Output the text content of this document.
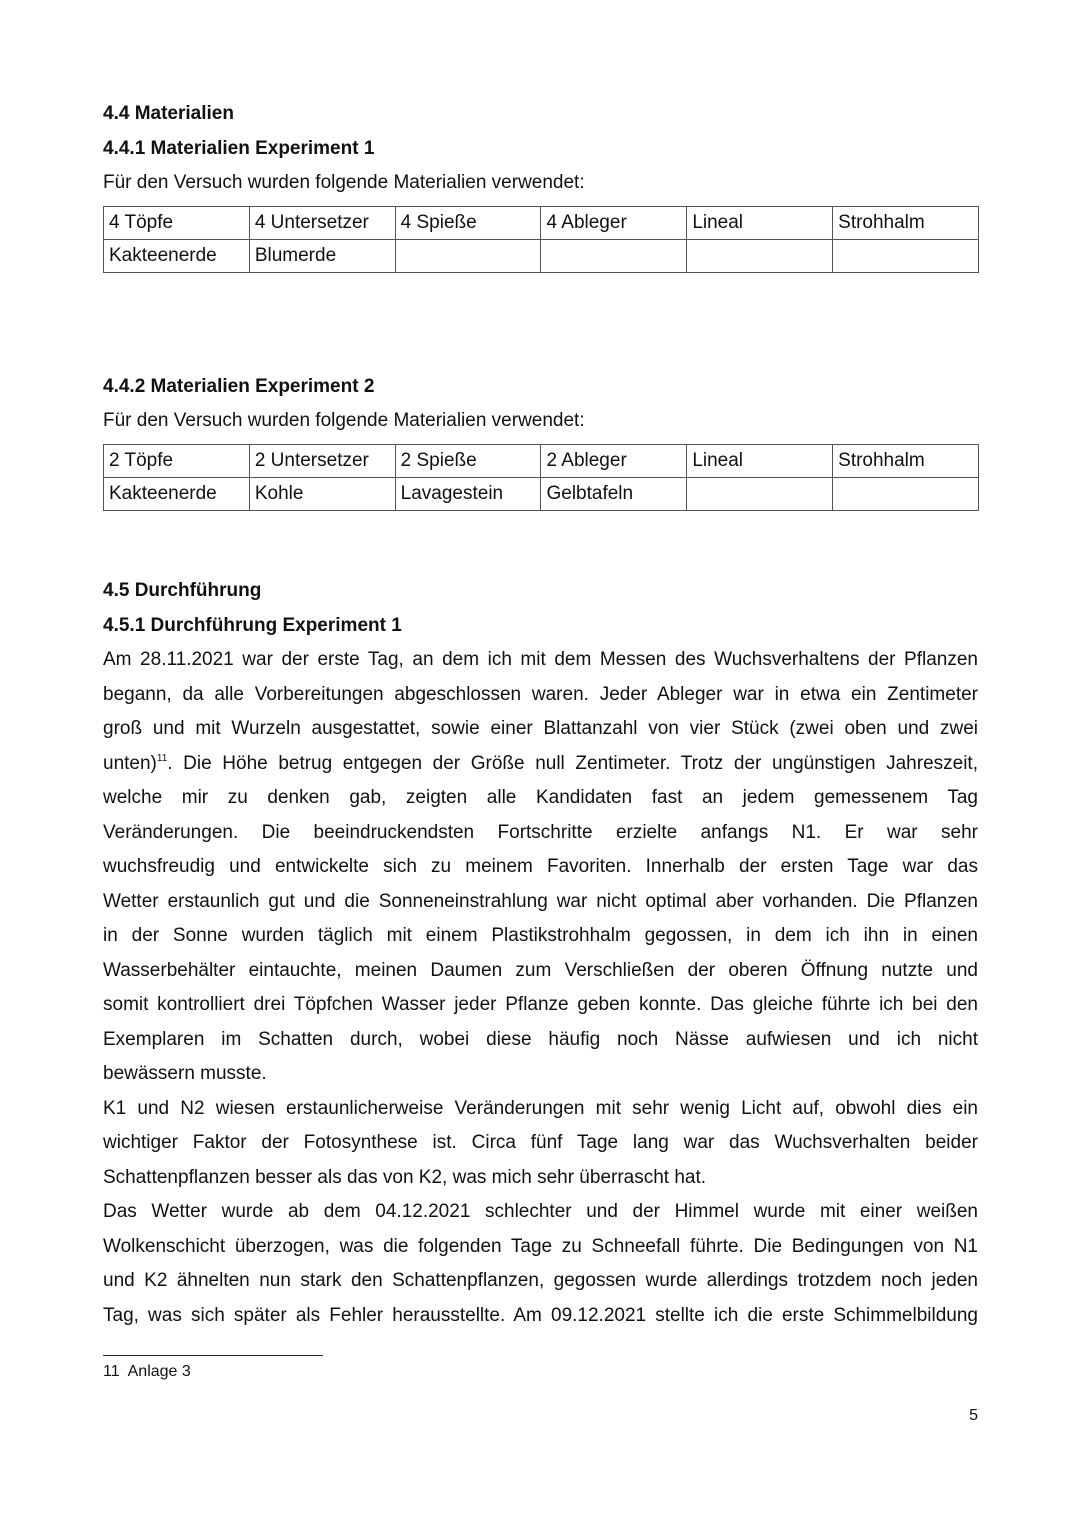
4.4 Materialien
4.4.1 Materialien Experiment 1
Für den Versuch wurden folgende Materialien verwendet:
4 Töpfe	4 Untersetzer	4 Spieße	4 Ableger	Lineal	Strohhalm
Kakteenerde	Blumerde				
4.4.2 Materialien Experiment 2
Für den Versuch wurden folgende Materialien verwendet:
2 Töpfe	2 Untersetzer	2 Spieße	2 Ableger	Lineal	Strohhalm
Kakteenerde	Kohle	Lavagestein	Gelbtafeln		
4.5 Durchführung
4.5.1 Durchführung Experiment 1
Am 28.11.2021 war der erste Tag, an dem ich mit dem Messen des Wuchsverhaltens der Pflanzen
begann, da alle Vorbereitungen abgeschlossen waren. Jeder Ableger war in etwa ein Zentimeter
groß und mit Wurzeln ausgestattet, sowie einer Blattanzahl von vier Stück (zwei oben und zwei
unten)$^{11}$. Die Höhe betrug entgegen der Größe null Zentimeter. Trotz der ungünstigen Jahreszeit,
welche mir zu denken gab, zeigten alle Kandidaten fast an jedem gemessenem Tag
Veränderungen. Die beeindruckendsten Fortschritte erzielte anfangs N1. Er war sehr
wuchsfreudig und entwickelte sich zu meinem Favoriten. Innerhalb der ersten Tage war das
Wetter erstaunlich gut und die Sonneneinstrahlung war nicht optimal aber vorhanden. Die Pflanzen
in der Sonne wurden täglich mit einem Plastikstrohhalm gegossen, in dem ich ihn in einen
Wasserbehälter eintauchte, meinen Daumen zum Verschließen der oberen Öffnung nutzte und
somit kontrolliert drei Töpfchen Wasser jeder Pflanze geben konnte. Das gleiche führte ich bei den
Exemplaren im Schatten durch, wobei diese häufig noch Nässe aufwiesen und ich nicht
bewässern musste.
K1 und N2 wiesen erstaunlicherweise Veränderungen mit sehr wenig Licht auf, obwohl dies ein
wichtiger Faktor der Fotosynthese ist. Circa fünf Tage lang war das Wuchsverhalten beider
Schattenpflanzen besser als das von K2, was mich sehr überrascht hat.
Das Wetter wurde ab dem 04.12.2021 schlechter und der Himmel wurde mit einer weißen
Wolkenschicht überzogen, was die folgenden Tage zu Schneefall führte. Die Bedingungen von N1
und K2 ähnelten nun stark den Schattenpflanzen, gegossen wurde allerdings trotzdem noch jeden
Tag, was sich später als Fehler herausstellte. Am 09.12.2021 stellte ich die erste Schimmelbildung
11 Anlage 3
5
